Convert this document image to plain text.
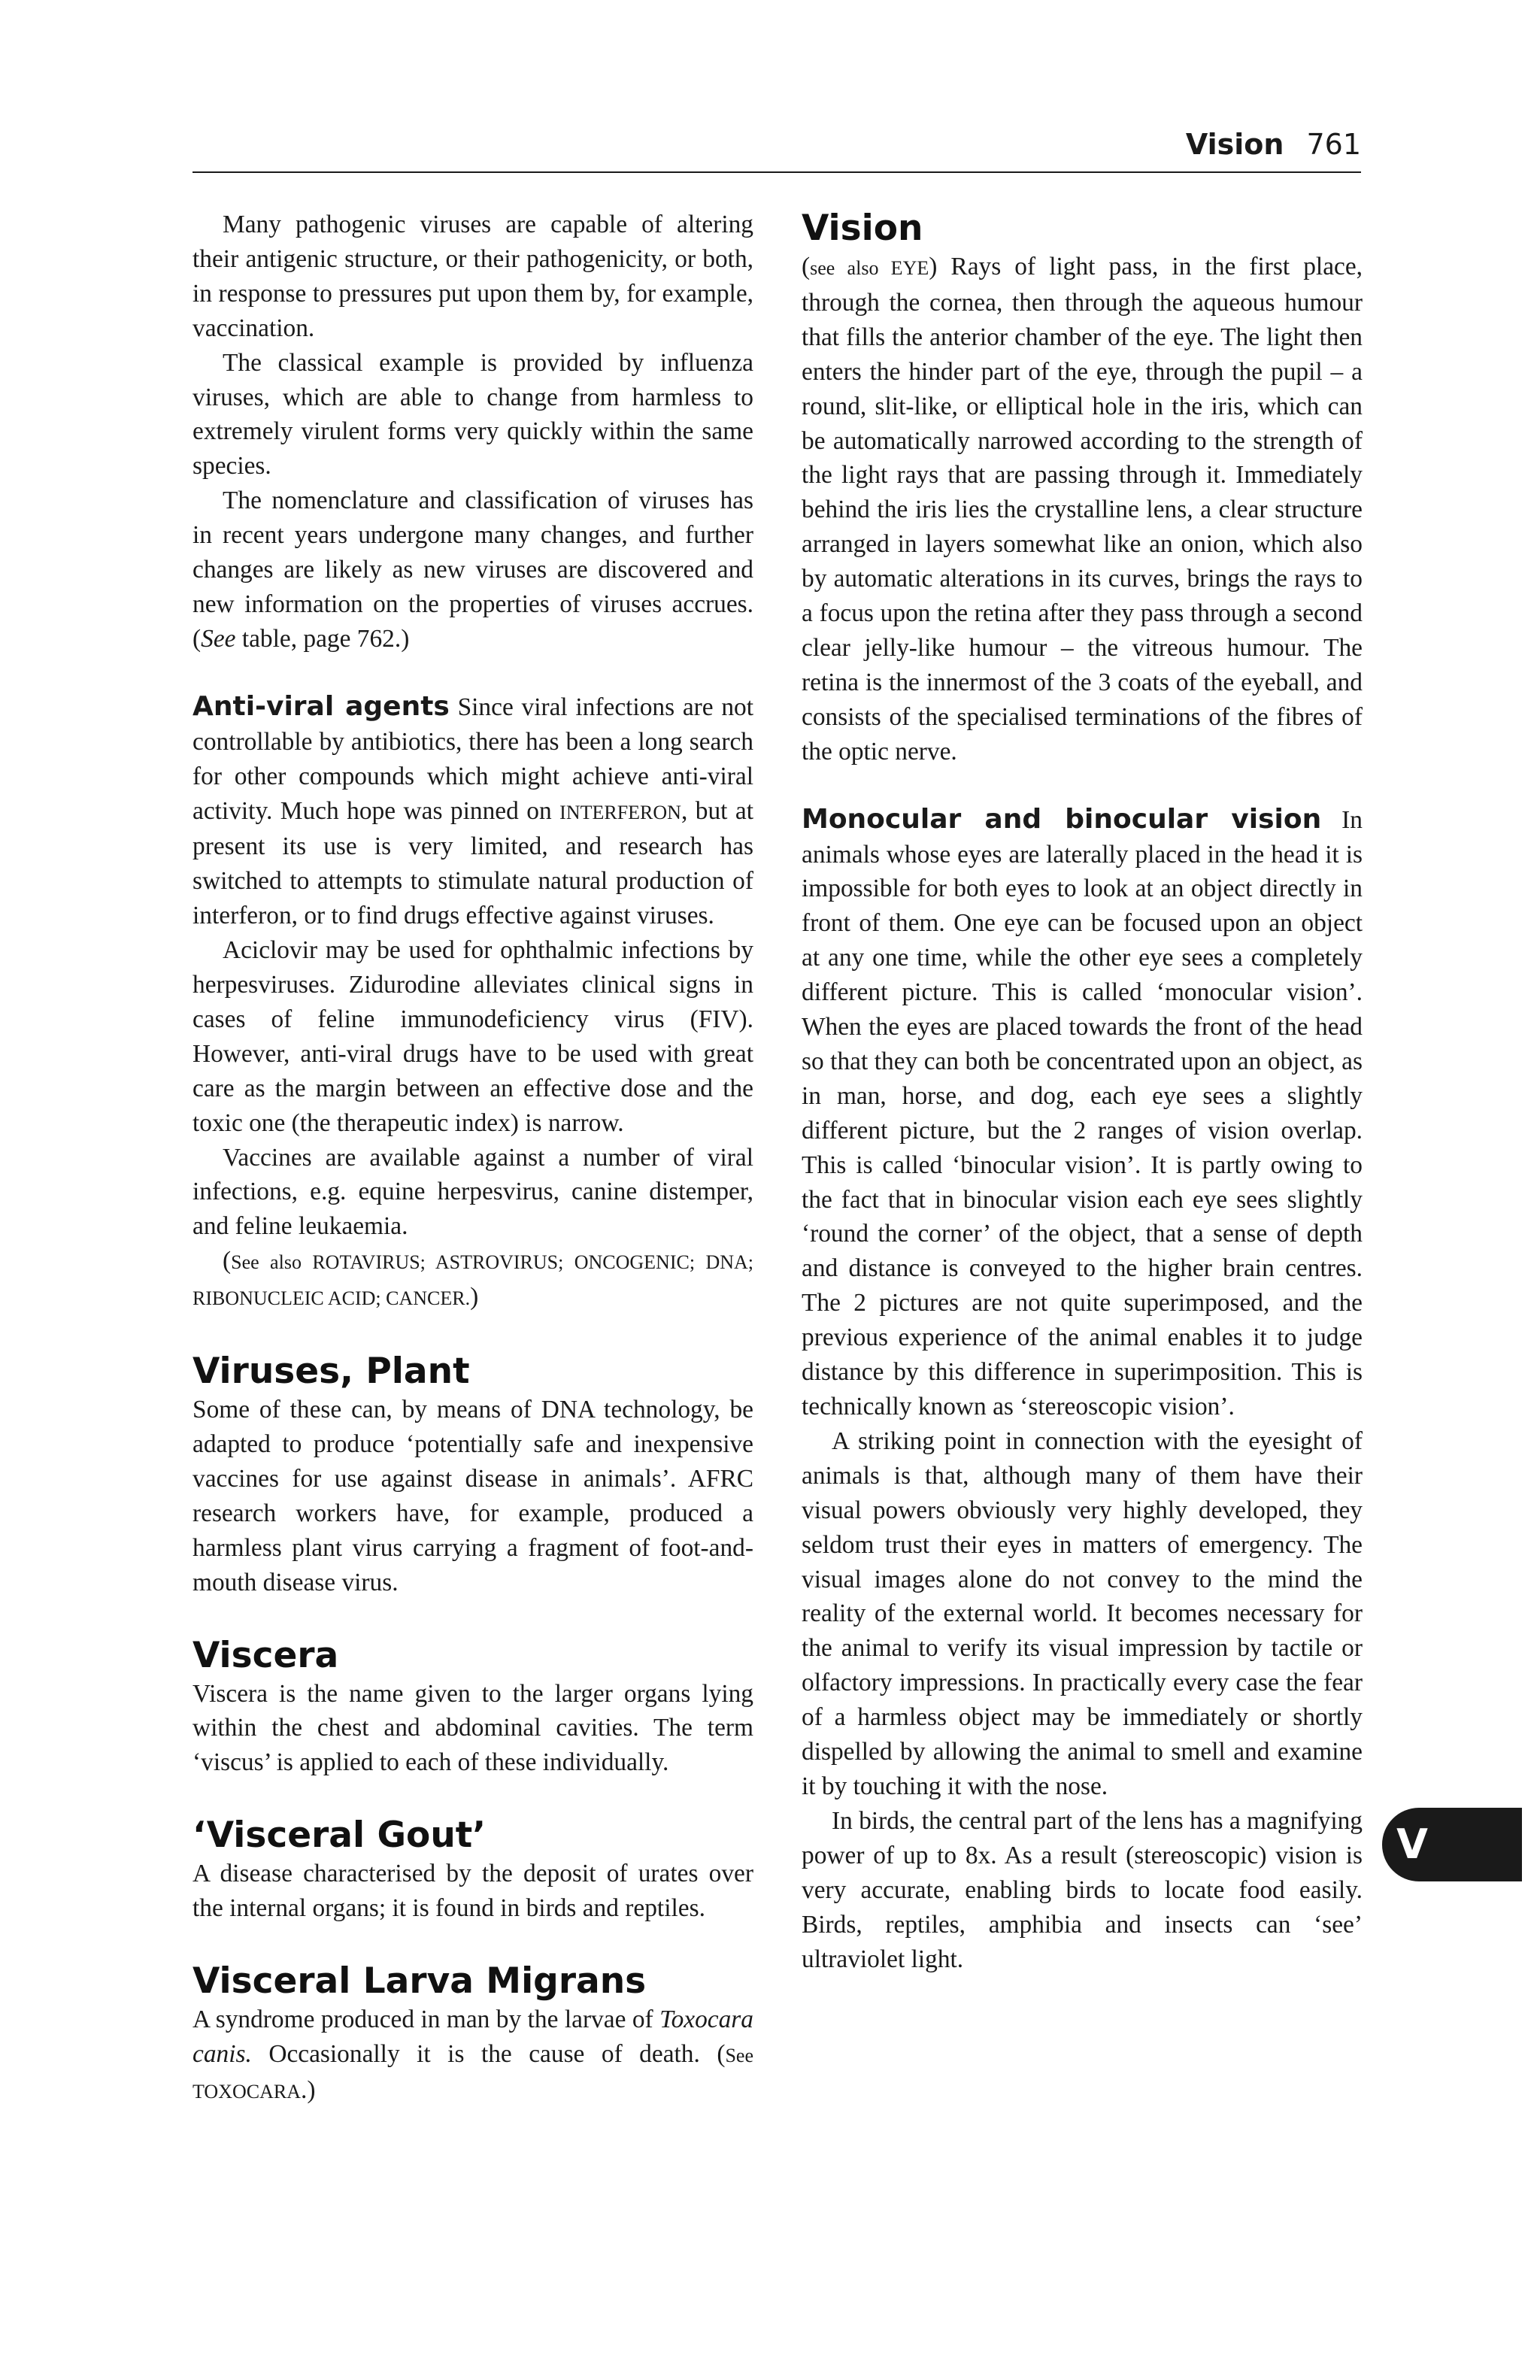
Vision 761

Many pathogenic viruses are capable of altering their antigenic structure, or their pathogenicity, or both, in response to pressures put upon them by, for example, vaccination.

The classical example is provided by influenza viruses, which are able to change from harmless to extremely virulent forms very quickly within the same species.

The nomenclature and classification of viruses has in recent years undergone many changes, and further changes are likely as new viruses are discovered and new information on the properties of viruses accrues. (See table, page 762.)

Anti-viral agents Since viral infections are not controllable by antibiotics, there has been a long search for other compounds which might achieve anti-viral activity. Much hope was pinned on INTERFERON, but at present its use is very limited, and research has switched to attempts to stimulate natural production of interferon, or to find drugs effective against viruses.

Aciclovir may be used for ophthalmic infections by herpesviruses. Zidurodine alleviates clinical signs in cases of feline immunodeficiency virus (FIV). However, anti-viral drugs have to be used with great care as the margin between an effective dose and the toxic one (the therapeutic index) is narrow.

Vaccines are available against a number of viral infections, e.g. equine herpesvirus, canine distemper, and feline leukaemia.

(See also ROTAVIRUS; ASTROVIRUS; ONCOGENIC; DNA; RIBONUCLEIC ACID; CANCER.)

Viruses, Plant

Some of these can, by means of DNA technology, be adapted to produce ‘potentially safe and inexpensive vaccines for use against disease in animals’. AFRC research workers have, for example, produced a harmless plant virus carrying a fragment of foot-and-mouth disease virus.

Viscera

Viscera is the name given to the larger organs lying within the chest and abdominal cavities. The term ‘viscus’ is applied to each of these individually.

‘Visceral Gout’

A disease characterised by the deposit of urates over the internal organs; it is found in birds and reptiles.

Visceral Larva Migrans

A syndrome produced in man by the larvae of Toxocara canis. Occasionally it is the cause of death. (See TOXOCARA.)

Vision

(see also EYE) Rays of light pass, in the first place, through the cornea, then through the aqueous humour that fills the anterior chamber of the eye. The light then enters the hinder part of the eye, through the pupil – a round, slit-like, or elliptical hole in the iris, which can be automatically narrowed according to the strength of the light rays that are passing through it. Immediately behind the iris lies the crystalline lens, a clear structure arranged in layers somewhat like an onion, which also by automatic alterations in its curves, brings the rays to a focus upon the retina after they pass through a second clear jelly-like humour – the vitreous humour. The retina is the innermost of the 3 coats of the eyeball, and consists of the specialised terminations of the fibres of the optic nerve.

Monocular and binocular vision In animals whose eyes are laterally placed in the head it is impossible for both eyes to look at an object directly in front of them. One eye can be focused upon an object at any one time, while the other eye sees a completely different picture. This is called ‘monocular vision’. When the eyes are placed towards the front of the head so that they can both be concentrated upon an object, as in man, horse, and dog, each eye sees a slightly different picture, but the 2 ranges of vision overlap. This is called ‘binocular vision’. It is partly owing to the fact that in binocular vision each eye sees slightly ‘round the corner’ of the object, that a sense of depth and distance is conveyed to the higher brain centres. The 2 pictures are not quite superimposed, and the previous experience of the animal enables it to judge distance by this difference in superimposition. This is technically known as ‘stereoscopic vision’.

A striking point in connection with the eyesight of animals is that, although many of them have their visual powers obviously very highly developed, they seldom trust their eyes in matters of emergency. The visual images alone do not convey to the mind the reality of the external world. It becomes necessary for the animal to verify its visual impression by tactile or olfactory impressions. In practically every case the fear of a harmless object may be immediately or shortly dispelled by allowing the animal to smell and examine it by touching it with the nose.

In birds, the central part of the lens has a magnifying power of up to 8x. As a result (stereoscopic) vision is very accurate, enabling birds to locate food easily. Birds, reptiles, amphibia and insects can ‘see’ ultraviolet light.

V
